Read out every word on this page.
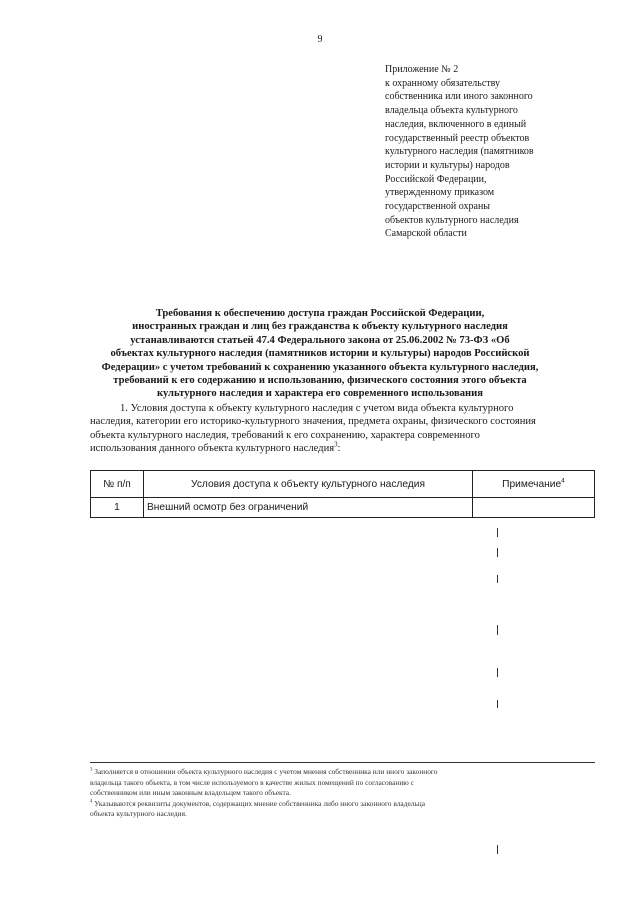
9
Приложение № 2
к охранному обязательству
собственника или иного законного
владельца объекта культурного
наследия, включенного в единый
государственный реестр объектов
культурного наследия (памятников
истории и культуры) народов
Российской Федерации,
утвержденному приказом
государственной охраны
объектов культурного наследия
Самарской области
Требования к обеспечению доступа граждан Российской Федерации,
иностранных граждан и лиц без гражданства к объекту культурного наследия
устанавливаются статьей 47.4 Федерального закона от 25.06.2002 № 73-ФЗ «Об
объектах культурного наследия (памятников истории и культуры) народов Российской
Федерации» с учетом требований к сохранению указанного объекта культурного наследия,
требований к его содержанию и использованию, физического состояния этого объекта
культурного наследия и характера его современного использования
1. Условия доступа к объекту культурного наследия с учетом вида объекта культурного
наследия, категории его историко-культурного значения, предмета охраны, физического состояния
объекта культурного наследия, требований к его сохранению, характера современного
использования данного объекта культурного наследия$^3$:
№ п/п	Условия доступа к объекту культурного наследия	Примечание$^4$
1	Внешний осмотр без ограничений	
$^3$ Заполняется в отношении объекта культурного наследия с учетом мнения собственника или иного законного
владельца такого объекта, в том числе используемого в качестве жилых помещений по согласованию с
собственником или иным законным владельцем такого объекта.
$^4$ Указываются реквизиты документов, содержащих мнение собственника либо иного законного владельца
объекта культурного наследия.
